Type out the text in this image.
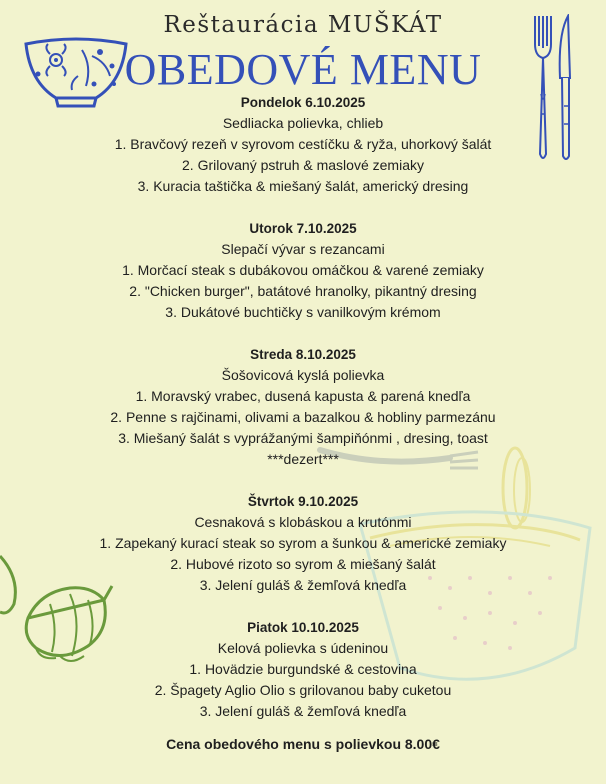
Reštaurácia MUŠKÁT
OBEDOVÉ MENU
Pondelok 6.10.2025
Sedliacka polievka, chlieb
1. Bravčový rezeň v syrovom cestíčku & ryža, uhorkový šalát
2. Grilovaný pstruh & maslové zemiaky
3. Kuracia taštička & miešaný šalát, americký dresing
Utorok 7.10.2025
Slepačí vývar s rezancami
1. Morčací steak s dubákovou omáčkou & varené zemiaky
2. "Chicken burger", batátové hranolky, pikantný dresing
3. Dukátové buchtičky s vanilkovým krémom
Streda 8.10.2025
Šošovicová kyslá polievka
1. Moravský vrabec, dusená kapusta & parená knedľa
2. Penne s rajčinami, olivami a bazalkou & hobliny parmezánu
3. Miešaný šalát s vyprážanými šampiňónmi , dresing, toast
***dezert***
Štvrtok 9.10.2025
Cesnaková s klobáskou a krutónmi
1. Zapekaný kurací steak so syrom a šunkou & americké zemiaky
2. Hubové rizoto so syrom & miešaný šalát
3. Jelení guláš & žemľová knedľa
Piatok 10.10.2025
Kelová polievka s údeninou
1. Hovädzie burgundské & cestovina
2. Špagety Aglio Olio s grilovanou baby cuketou
3. Jelení guláš & žemľová knedľa
Cena obedového menu s polievkou 8.00€
